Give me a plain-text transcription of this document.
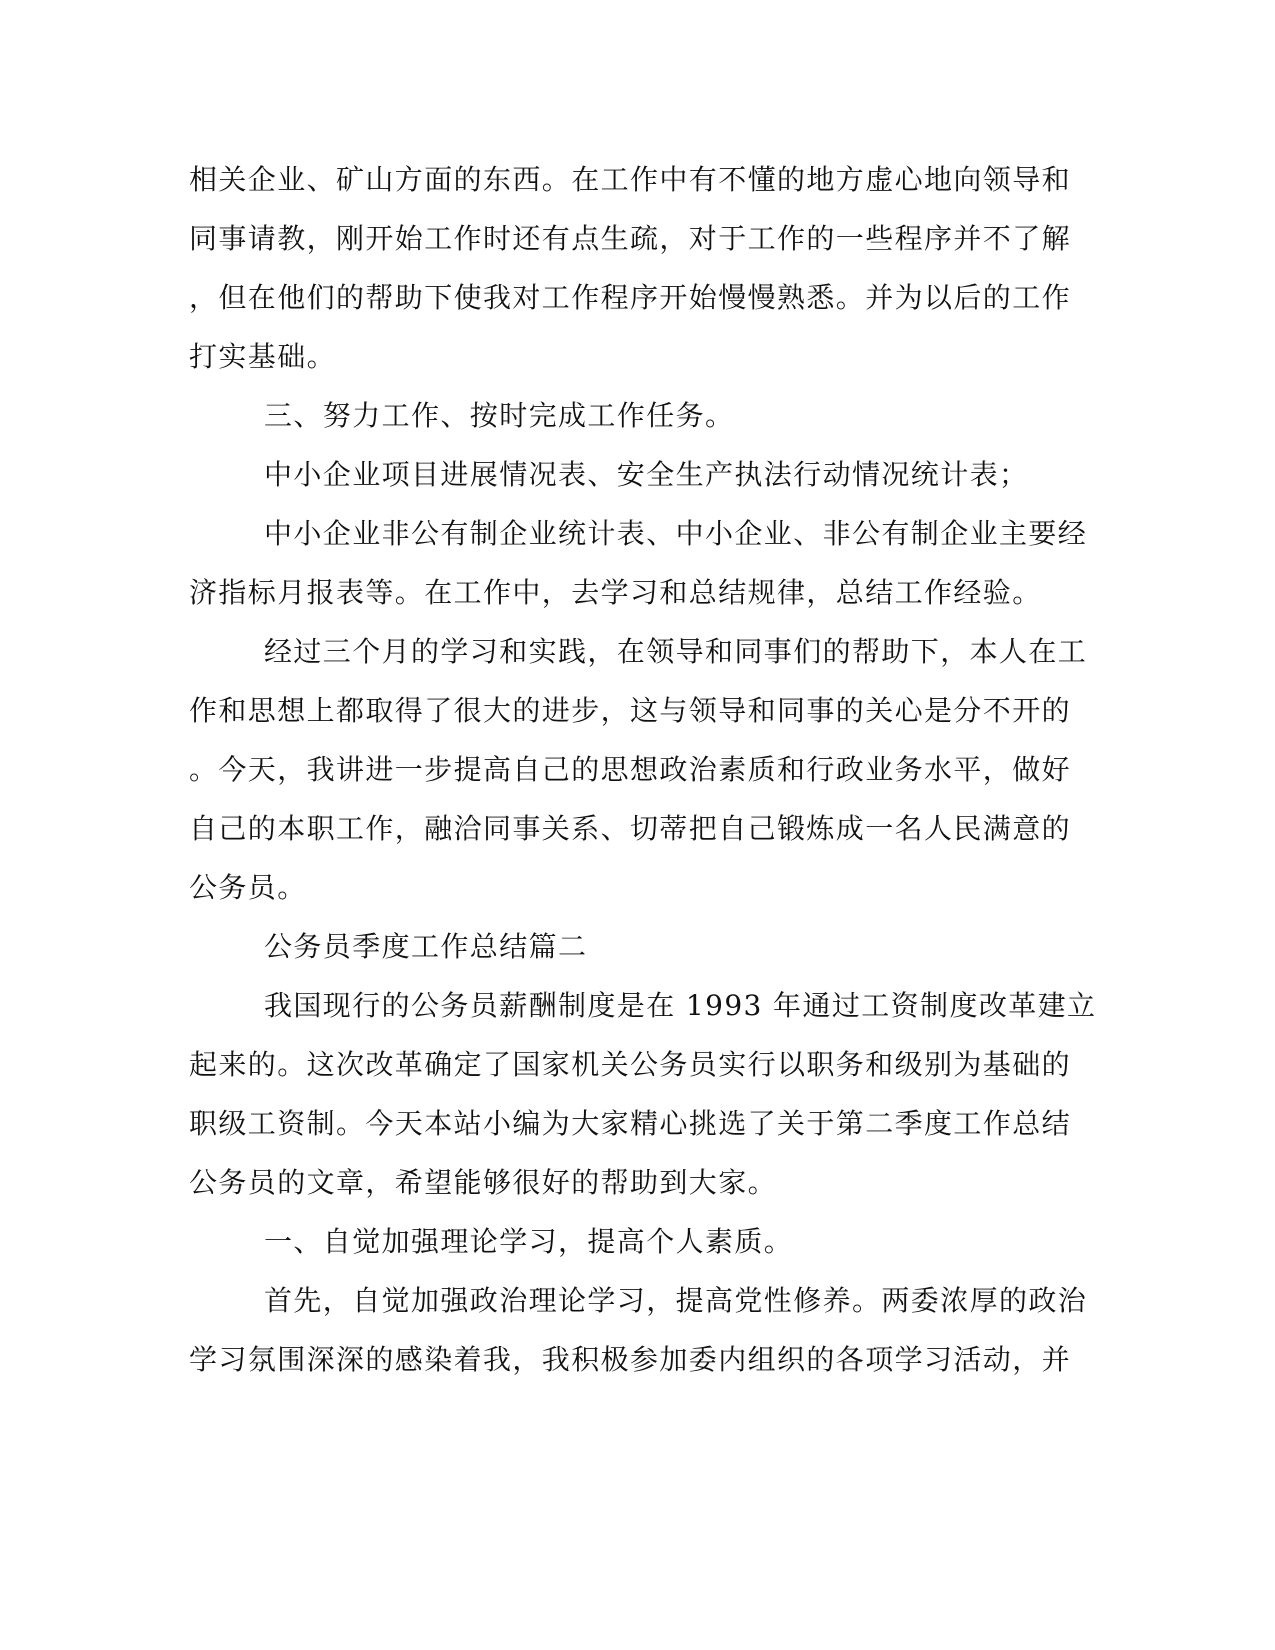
相关企业、矿山方面的东西。在工作中有不懂的地方虚心地向领导和

同事请教，刚开始工作时还有点生疏，对于工作的一些程序并不了解

，但在他们的帮助下使我对工作程序开始慢慢熟悉。并为以后的工作

打实基础。

三、努力工作、按时完成工作任务。

中小企业项目进展情况表、安全生产执法行动情况统计表；

中小企业非公有制企业统计表、中小企业、非公有制企业主要经

济指标月报表等。在工作中，去学习和总结规律，总结工作经验。

经过三个月的学习和实践，在领导和同事们的帮助下，本人在工

作和思想上都取得了很大的进步，这与领导和同事的关心是分不开的

。今天，我讲进一步提高自己的思想政治素质和行政业务水平，做好

自己的本职工作，融洽同事关系、切蒂把自己锻炼成一名人民满意的

公务员。

公务员季度工作总结篇二

我国现行的公务员薪酬制度是在 1993 年通过工资制度改革建立

起来的。这次改革确定了国家机关公务员实行以职务和级别为基础的

职级工资制。今天本站小编为大家精心挑选了关于第二季度工作总结

公务员的文章，希望能够很好的帮助到大家。

一、自觉加强理论学习，提高个人素质。

首先，自觉加强政治理论学习，提高党性修养。两委浓厚的政治

学习氛围深深的感染着我，我积极参加委内组织的各项学习活动，并
